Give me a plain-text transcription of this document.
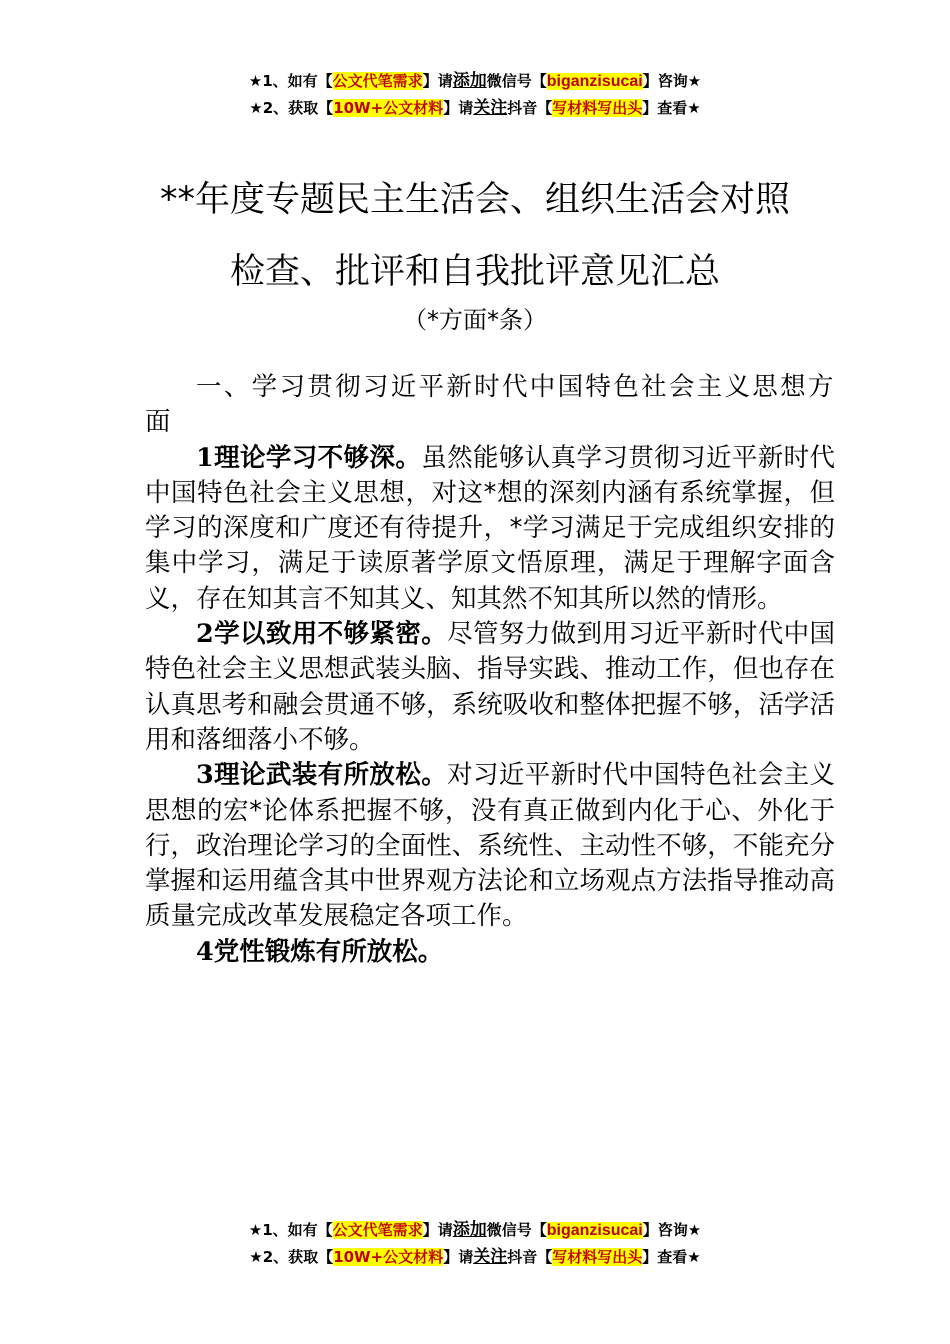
★1、如有【公文代笔需求】请添加微信号【biganzisucai】咨询★
★2、获取【10W+公文材料】请关注抖音【写材料写出头】查看★
**年度专题民主生活会、组织生活会对照
检查、批评和自我批评意见汇总
（*方面*条）

一、学习贯彻习近平新时代中国特色社会主义思想方面

1理论学习不够深。虽然能够认真学习贯彻习近平新时代中国特色社会主义思想，对这*想的深刻内涵有系统掌握，但学习的深度和广度还有待提升，*学习满足于完成组织安排的集中学习，满足于读原著学原文悟原理，满足于理解字面含义，存在知其言不知其义、知其然不知其所以然的情形。

2学以致用不够紧密。尽管努力做到用习近平新时代中国特色社会主义思想武装头脑、指导实践、推动工作，但也存在认真思考和融会贯通不够，系统吸收和整体把握不够，活学活用和落细落小不够。

3理论武装有所放松。对习近平新时代中国特色社会主义思想的宏*论体系把握不够，没有真正做到内化于心、外化于行，政治理论学习的全面性、系统性、主动性不够，不能充分掌握和运用蕴含其中世界观方法论和立场观点方法指导推动高质量完成改革发展稳定各项工作。

4党性锻炼有所放松。

★1、如有【公文代笔需求】请添加微信号【biganzisucai】咨询★
★2、获取【10W+公文材料】请关注抖音【写材料写出头】查看★
